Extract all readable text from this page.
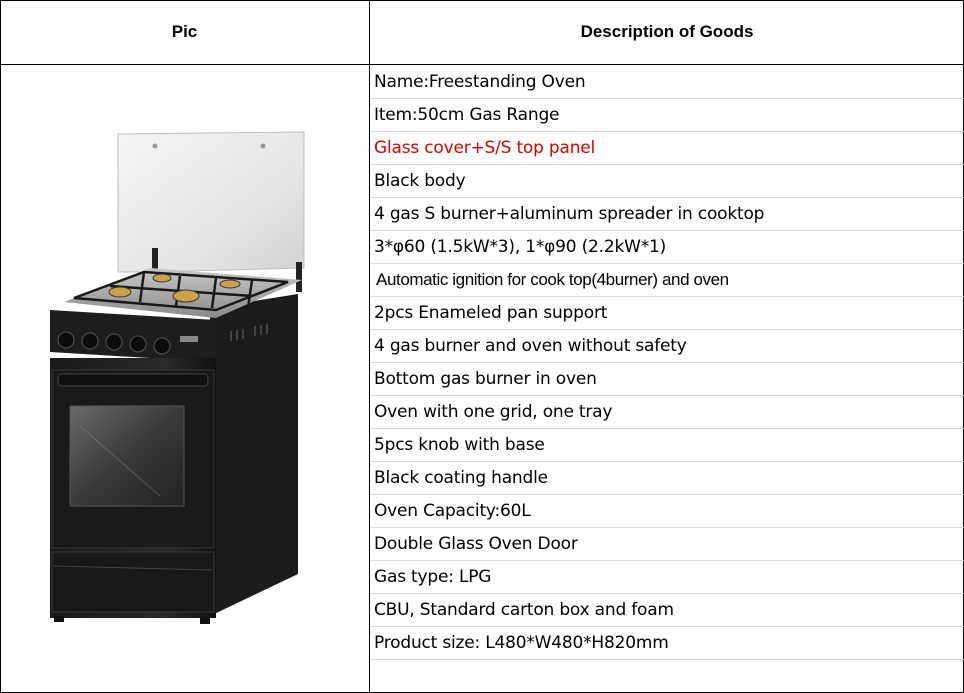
Pic	Description of Goods
Name:Freestanding Oven
Item:50cm Gas Range
Glass cover+S/S top panel
Black body
4 gas S burner+aluminum spreader in cooktop
3*φ60 (1.5kW*3), 1*φ90 (2.2kW*1)
Automatic ignition for cook top(4burner) and oven
2pcs Enameled pan support
4 gas burner and oven without safety
Bottom gas burner in oven
Oven with one grid, one tray
5pcs knob with base
Black coating handle
Oven Capacity:60L
Double Glass Oven Door
Gas type: LPG
CBU, Standard carton box and foam
Product size: L480*W480*H820mm
